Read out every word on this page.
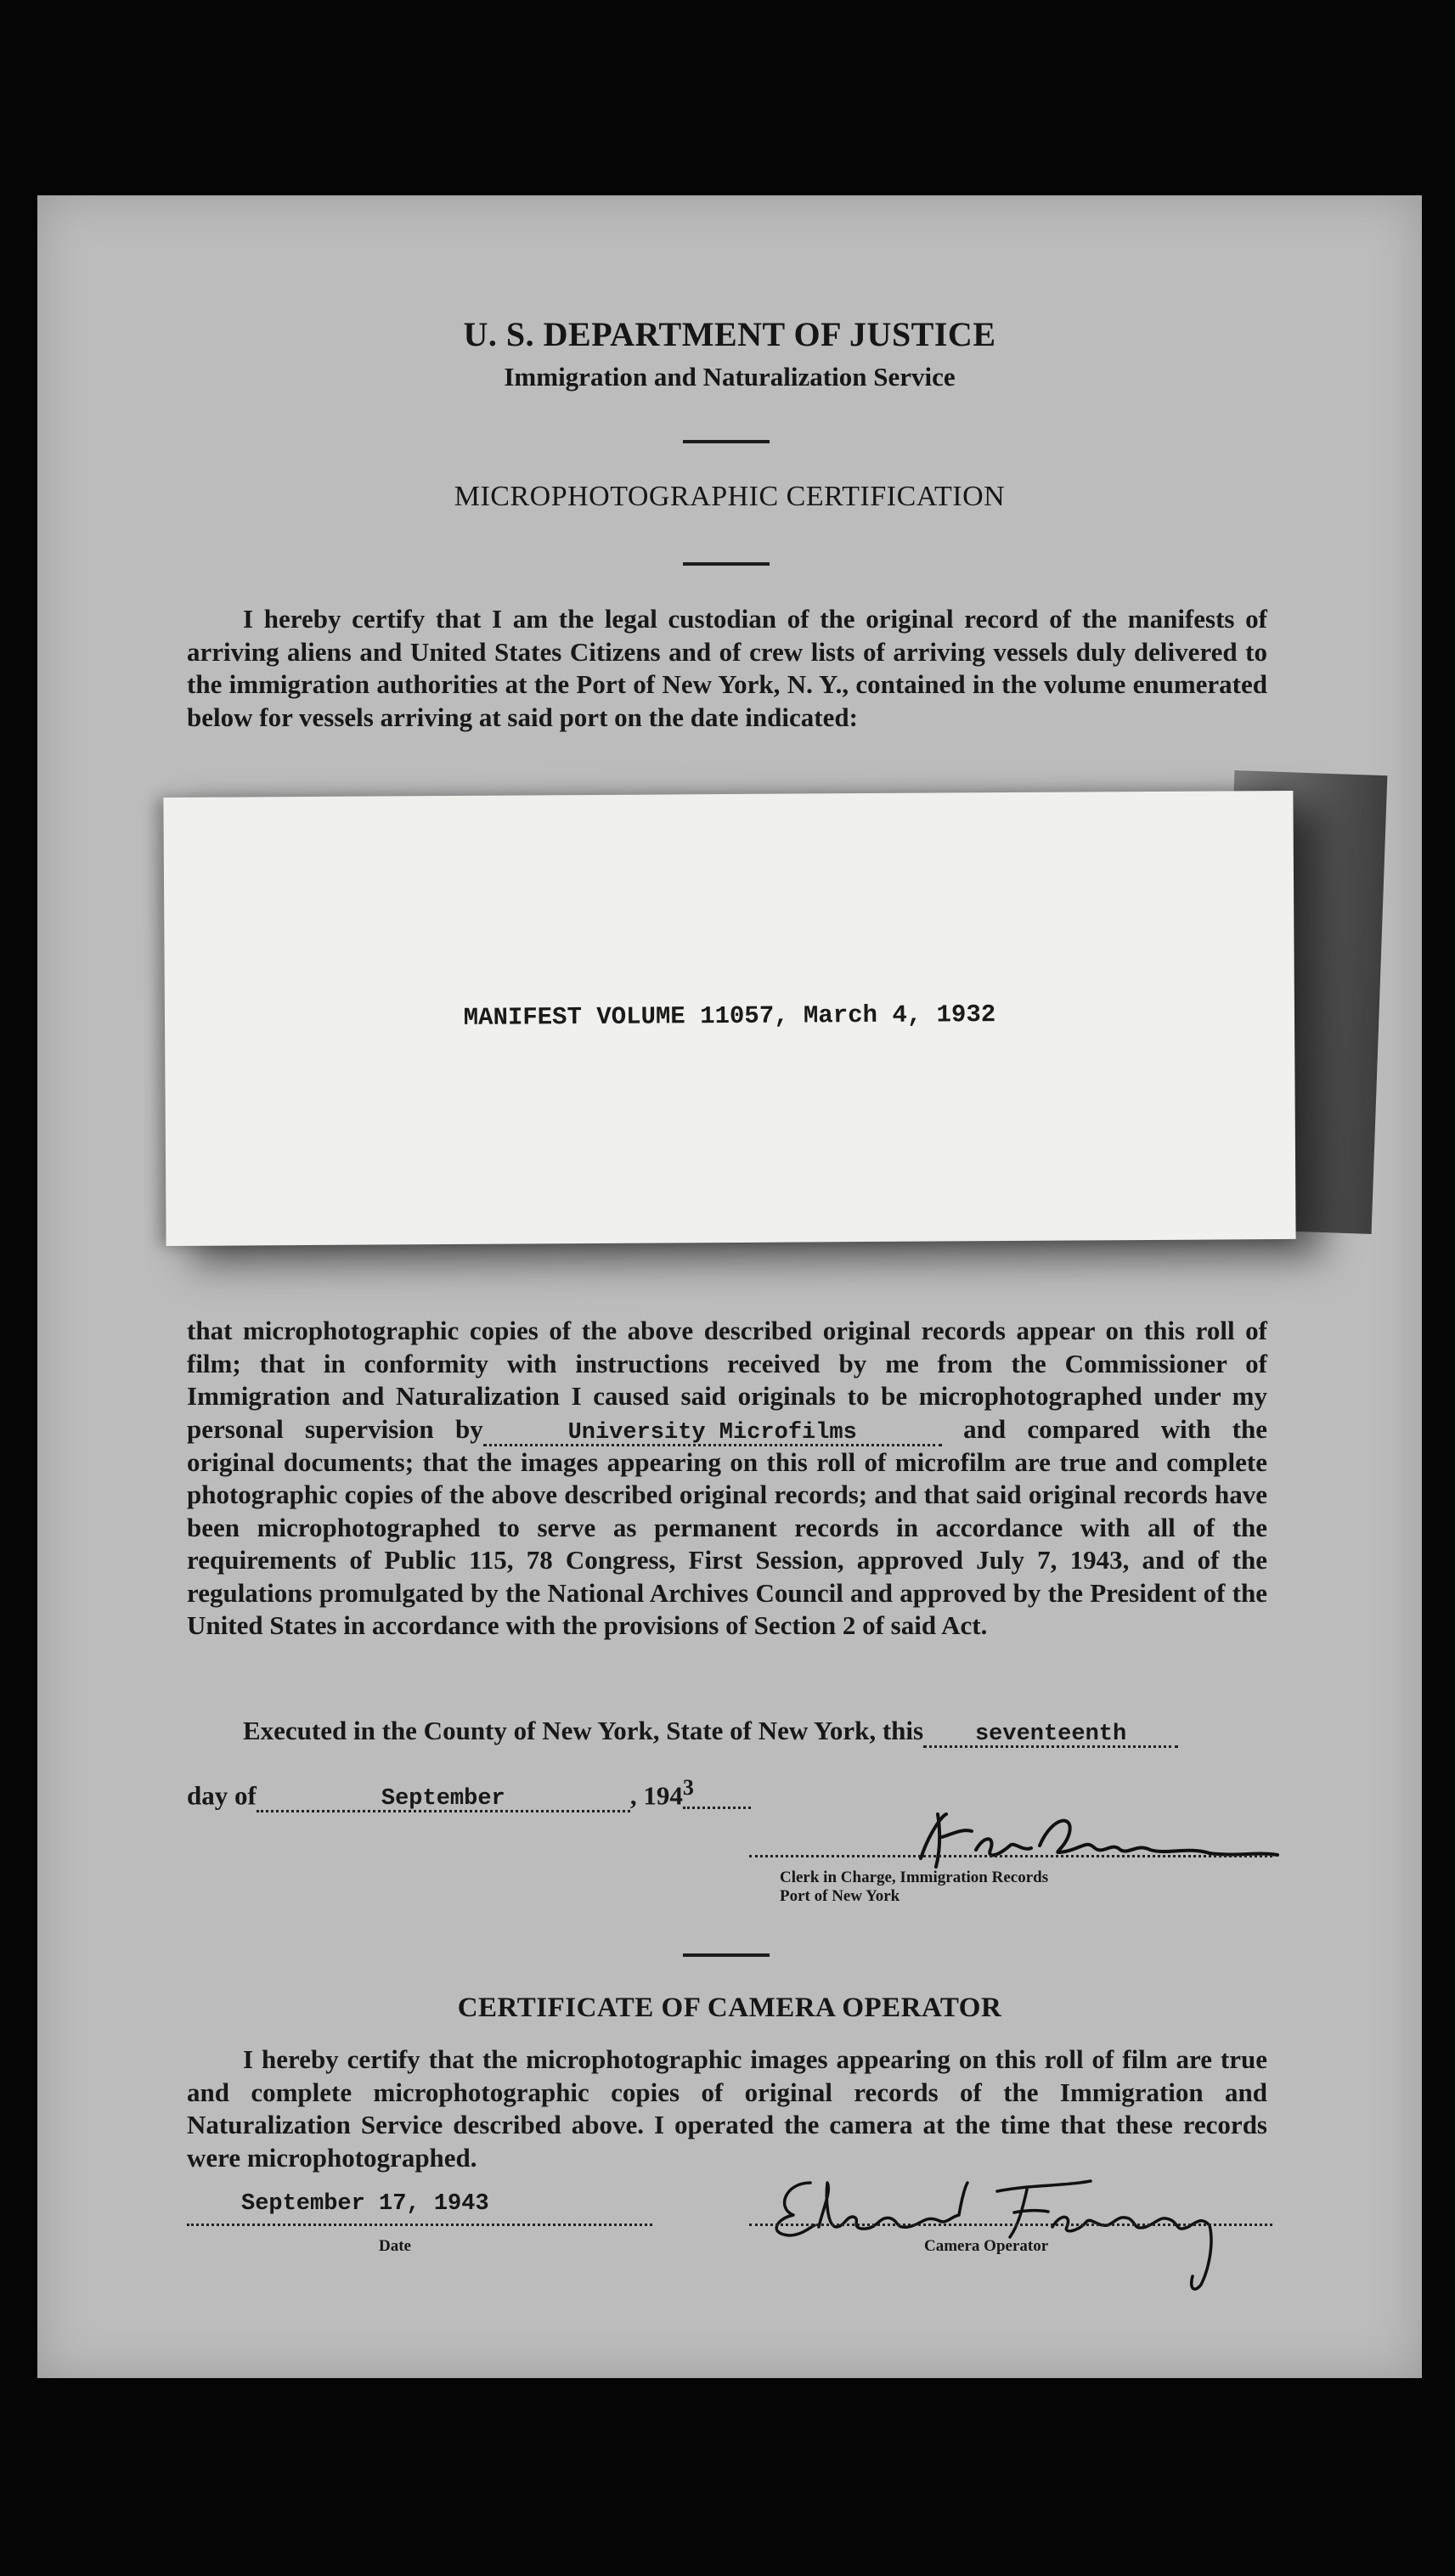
U. S. DEPARTMENT OF JUSTICE
Immigration and Naturalization Service
MICROPHOTOGRAPHIC CERTIFICATION

I hereby certify that I am the legal custodian of the original record of the manifests of arriving aliens and United States Citizens and of crew lists of arriving vessels duly delivered to the immigration authorities at the Port of New York, N. Y., contained in the volume enumerated below for vessels arriving at said port on the date indicated:

MANIFEST VOLUME 11057, March 4, 1932
that microphotographic copies of the above described original records appear on this roll of film; that in conformity with instructions received by me from the Commissioner of Immigration and Naturalization I caused said originals to be microphotographed under my personal supervision by	University Microfilms	and compared with the original documents; that the images appearing on this roll of microfilm are true and complete photographic copies of the above described original records; and that said original records have been microphotographed to serve as permanent records in accordance with all of the requirements of Public 115, 78 Congress, First Session, approved July 7, 1943, and of the regulations promulgated by the National Archives Council and approved by the President of the United States in accordance with the provisions of Section 2 of said Act.
Executed in the County of New York, State of New York, this seventeenth
day of	September	, $194^3$
Clerk in Charge, Immigration Records
Port of New York
CERTIFICATE OF CAMERA OPERATOR

I hereby certify that the microphotographic images appearing on this roll of film are true and complete microphotographic copies of original records of the Immigration and Naturalization Service described above. I operated the camera at the time that these records were microphotographed.

September 17, 1943
Date	Camera Operator
